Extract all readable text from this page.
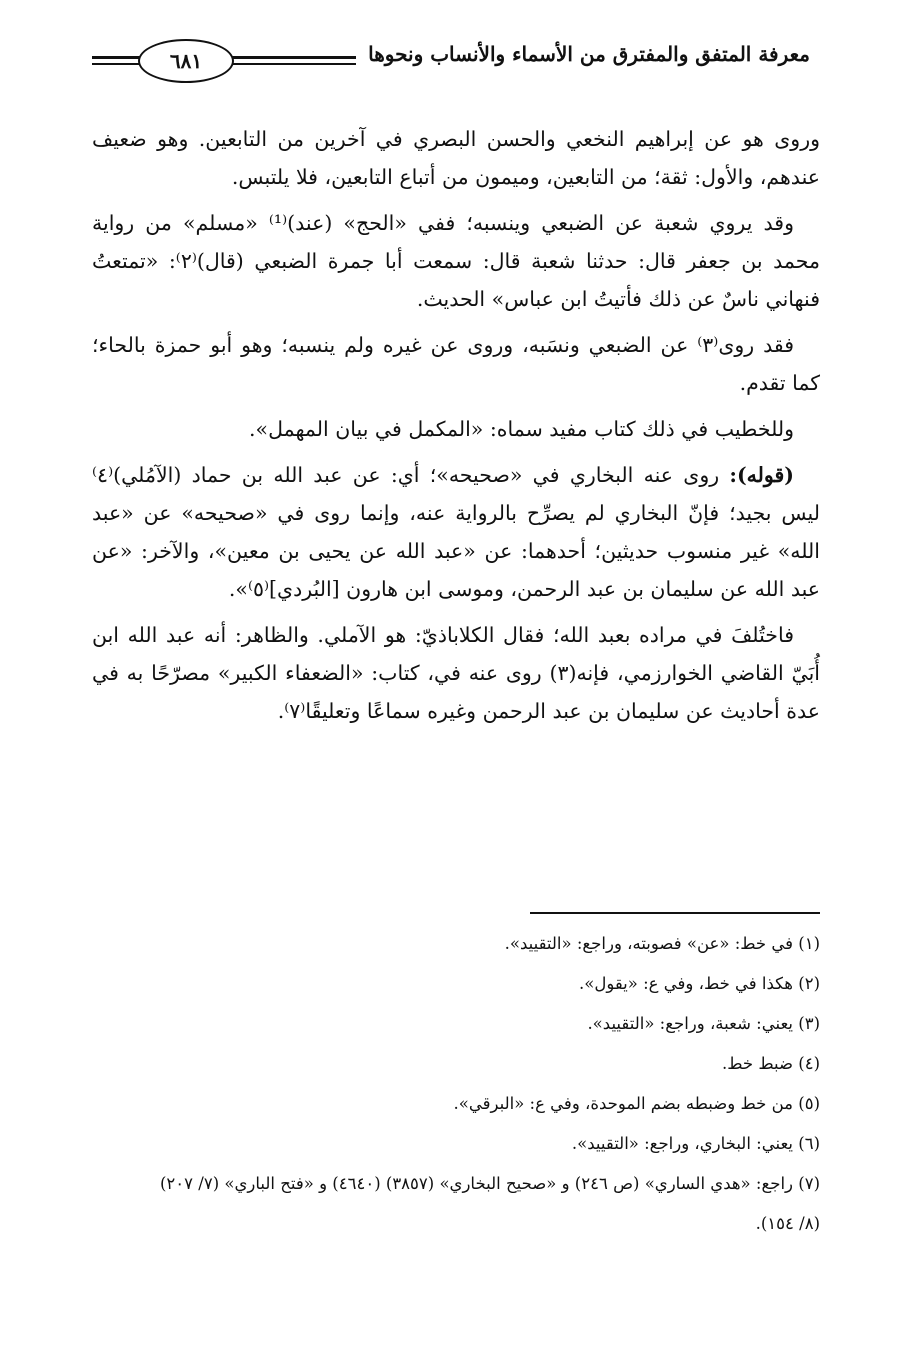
معرفة المتفق والمفترق من الأسماء والأنساب ونحوها
٦٨١

وروى هو عن إبراهيم النخعي والحسن البصري في آخرين من التابعين. وهو ضعيف عندهم، والأول: ثقة؛ من التابعين، وميمون من أتباع التابعين، فلا يلتبس.

وقد يروي شعبة عن الضبعي وينسبه؛ ففي «الحج» (عند)⁽¹⁾ «مسلم» من رواية محمد بن جعفر قال: حدثنا شعبة قال: سمعت أبا جمرة الضبعي (قال)⁽٢⁾: «تمتعتُ فنهاني ناسٌ عن ذلك فأتيتُ ابن عباس» الحديث.

فقد روى⁽٣⁾ عن الضبعي ونسَبه، وروى عن غيره ولم ينسبه؛ وهو أبو حمزة بالحاء؛ كما تقدم.

وللخطيب في ذلك كتاب مفيد سماه: «المكمل في بيان المهمل».

(قوله): روى عنه البخاري في «صحيحه»؛ أي: عن عبد الله بن حماد (الآمُلي)⁽٤⁾ ليس بجيد؛ فإنّ البخاري لم يصرِّح بالرواية عنه، وإنما روى في «صحيحه» عن «عبد الله» غير منسوب حديثين؛ أحدهما: عن «عبد الله عن يحيى بن معين»، والآخر: «عن عبد الله عن سليمان بن عبد الرحمن، وموسى ابن هارون [البُردي]⁽٥⁾».

فاختُلفَ في مراده بعبد الله؛ فقال الكلاباذيّ: هو الآملي. والظاهر: أنه عبد الله ابن أُبَيّ القاضي الخوارزمي، فإنه(٣) روى عنه في، كتاب: «الضعفاء الكبير» مصرّحًا به في عدة أحاديث عن سليمان بن عبد الرحمن وغيره سماعًا وتعليقًا⁽٧⁾.

(١) في خط: «عن» فصوبته، وراجع: «التقييد».
(٢) هكذا في خط، وفي ع: «يقول».
(٣) يعني: شعبة، وراجع: «التقييد».
(٤) ضبط خط.
(٥) من خط وضبطه بضم الموحدة، وفي ع: «البرقي».
(٦) يعني: البخاري، وراجع: «التقييد».
(٧) راجع: «هدي الساري» (ص ٢٤٦) و «صحيح البخاري» (٣٨٥٧) (٤٦٤٠) و «فتح الباري» (٧/ ٢٠٧)
(٨/ ١٥٤).
